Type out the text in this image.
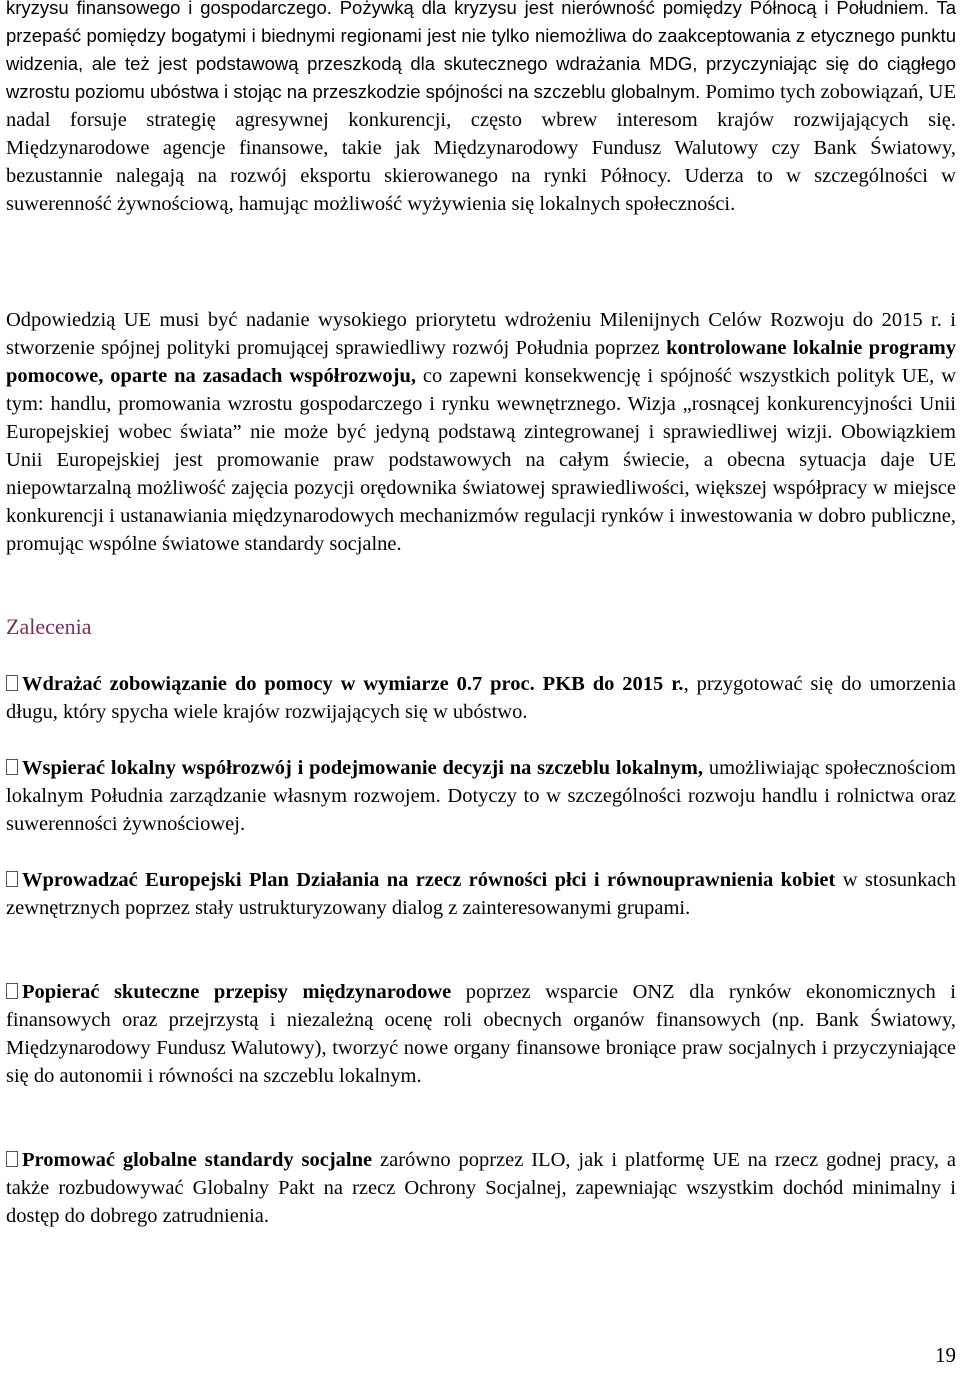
kryzysu finansowego i gospodarczego. Pożywką dla kryzysu jest nierówność pomiędzy Północą i Południem. Ta przepaść pomiędzy bogatymi i biednymi regionami jest nie tylko niemożliwa do zaakceptowania z etycznego punktu widzenia, ale też jest podstawową przeszkodą dla skutecznego wdrażania MDG, przyczyniając się do ciągłego wzrostu poziomu ubóstwa i stojąc na przeszkodzie spójności na szczeblu globalnym. Pomimo tych zobowiązań, UE nadal forsuje strategię agresywnej konkurencji, często wbrew interesom krajów rozwijających się. Międzynarodowe agencje finansowe, takie jak Międzynarodowy Fundusz Walutowy czy Bank Światowy, bezustannie nalegają na rozwój eksportu skierowanego na rynki Północy. Uderza to w szczególności w suwerenność żywnościową, hamując możliwość wyżywienia się lokalnych społeczności.

Odpowiedzią UE musi być nadanie wysokiego priorytetu wdrożeniu Milenijnych Celów Rozwoju do 2015 r. i stworzenie spójnej polityki promującej sprawiedliwy rozwój Południa poprzez kontrolowane lokalnie programy pomocowe, oparte na zasadach współrozwoju, co zapewni konsekwencję i spójność wszystkich polityk UE, w tym: handlu, promowania wzrostu gospodarczego i rynku wewnętrznego. Wizja „rosnącej konkurencyjności Unii Europejskiej wobec świata” nie może być jedyną podstawą zintegrowanej i sprawiedliwej wizji. Obowiązkiem Unii Europejskiej jest promowanie praw podstawowych na całym świecie, a obecna sytuacja daje UE niepowtarzalną możliwość zajęcia pozycji orędownika światowej sprawiedliwości, większej współpracy w miejsce konkurencji i ustanawiania międzynarodowych mechanizmów regulacji rynków i inwestowania w dobro publiczne, promując wspólne światowe standardy socjalne.

Zalecenia

Wdrażać zobowiązanie do pomocy w wymiarze 0.7 proc. PKB do 2015 r., przygotować się do umorzenia długu, który spycha wiele krajów rozwijających się w ubóstwo.

Wspierać lokalny współrozwój i podejmowanie decyzji na szczeblu lokalnym, umożliwiając społecznościom lokalnym Południa zarządzanie własnym rozwojem. Dotyczy to w szczególności rozwoju handlu i rolnictwa oraz suwerenności żywnościowej.

Wprowadzać Europejski Plan Działania na rzecz równości płci i równouprawnienia kobiet w stosunkach zewnętrznych poprzez stały ustrukturyzowany dialog z zainteresowanymi grupami.

Popierać skuteczne przepisy międzynarodowe poprzez wsparcie ONZ dla rynków ekonomicznych i finansowych oraz przejrzystą i niezależną ocenę roli obecnych organów finansowych (np. Bank Światowy, Międzynarodowy Fundusz Walutowy), tworzyć nowe organy finansowe broniące praw socjalnych i przyczyniające się do autonomii i równości na szczeblu lokalnym.

Promować globalne standardy socjalne zarówno poprzez ILO, jak i platformę UE na rzecz godnej pracy, a także rozbudowywać Globalny Pakt na rzecz Ochrony Socjalnej, zapewniając wszystkim dochód minimalny i dostęp do dobrego zatrudnienia.

19
